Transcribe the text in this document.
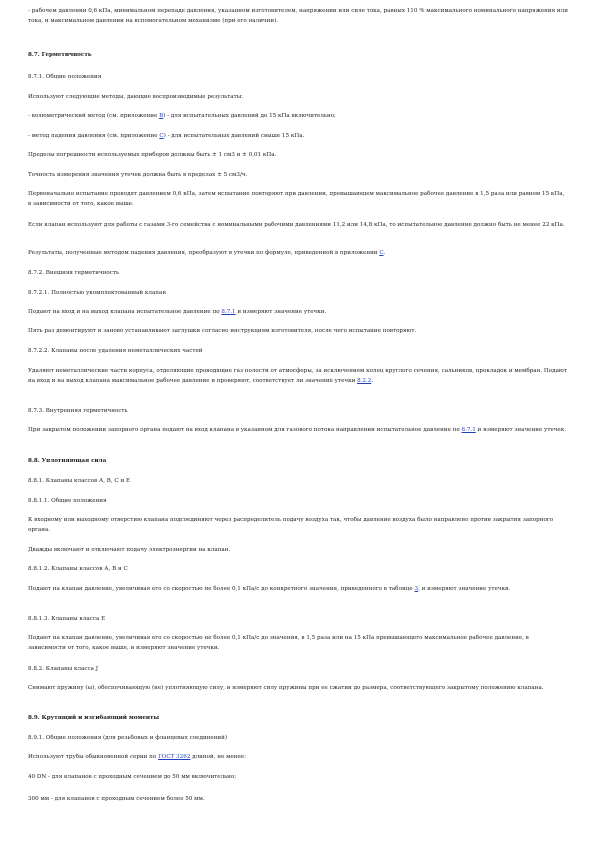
- рабочем давлении 0,6 кПа, минимальном перепаде давления, указанном изготовителем, напряжении или силе тока, равных 110 % максимального номинального напряжения или тока, и максимальном давлении на вспомогательном механизме (при его наличии).

8.7. Герметичность

8.7.1. Общие положения

Используют следующие методы, дающие воспроизводимые результаты:

- волюметрический метод (см. приложение B) - для испытательных давлений до 15 кПа включительно;

- метод падения давления (см. приложение C) - для испытательных давлений свыше 15 кПа.

Пределы погрешности используемых приборов должны быть ± 1 см3 и ± 0,01 кПа.

Точность измерения значения утечек должна быть в пределах ± 5 см3/ч.

Первоначально испытание проводят давлением 0,6 кПа, затем испытание повторяют при давлении, превышающем максимальное рабочее давление в 1,5 раза или равном 15 кПа, в зависимости от того, какое выше.

Если клапан используют для работы с газами 3-го семейства с номинальными рабочими давлениями 11,2 или 14,8 кПа, то испытательное давление должно быть не менее 22 кПа.

Результаты, полученные методом падения давления, преобразуют в утечки по формуле, приведенной в приложении C.

8.7.2. Внешняя герметичность

8.7.2.1. Полностью укомплектованный клапан

Подают на вход и на выход клапана испытательное давление по 8.7.1 и измеряют значение утечки.

Пять раз демонтируют и заново устанавливают заглушки согласно инструкциям изготовителя, после чего испытание повторяют.

8.7.2.2. Клапаны после удаления неметаллических частей

Удаляют неметаллические части корпуса, отделяющие проводящие газ полости от атмосферы, за исключением колец круглого сечения, сальников, прокладок и мембран. Подают на вход и на выход клапана максимальное рабочее давление и проверяют, соответствует ли значение утечки 8.2.2.

8.7.3. Внутренняя герметичность

При закрытом положении запорного органа подают на вход клапана в указанном для газового потока направлении испытательное давление по 8.7.1 и измеряют значение утечек.

8.8. Уплотняющая сила

8.8.1. Клапаны классов А, В, С и Е

8.8.1.1. Общие положения

К входному или выходному отверстию клапана подсоединяют через распределитель подачу воздуха так, чтобы давление воздуха было направлено против закрытия запорного органа.

Дважды включают и отключают подачу электроэнергии на клапан.

8.8.1.2. Клапаны классов А, В и С

Подают на клапан давление, увеличивая его со скоростью не более 0,1 кПа/с до конкретного значения, приведенного в таблице 3, и измеряют значение утечки.

8.8.1.3. Клапаны класса Е

Подают на клапан давление, увеличивая его со скоростью не более 0,1 кПа/с до значения, в 1,5 раза или на 15 кПа превышающего максимальное рабочее давление, в зависимости от того, какое выше, и измеряют значение утечки.

8.8.2. Клапаны класса J

Снимают пружину (ы), обеспечивающую (ие) уплотняющую силу, и измеряют силу пружины при ее сжатии до размера, соответствующего закрытому положению клапана.

8.9. Крутящий и изгибающий моменты

8.9.1. Общие положения (для резьбовых и фланцевых соединений)

Используют трубы обыкновенной серии по ГОСТ 3262 длиной, не менее:

40 DN - для клапанов с проходным сечением до 50 мм включительно;

300 мм - для клапанов с проходным сечением более 50 мм.
